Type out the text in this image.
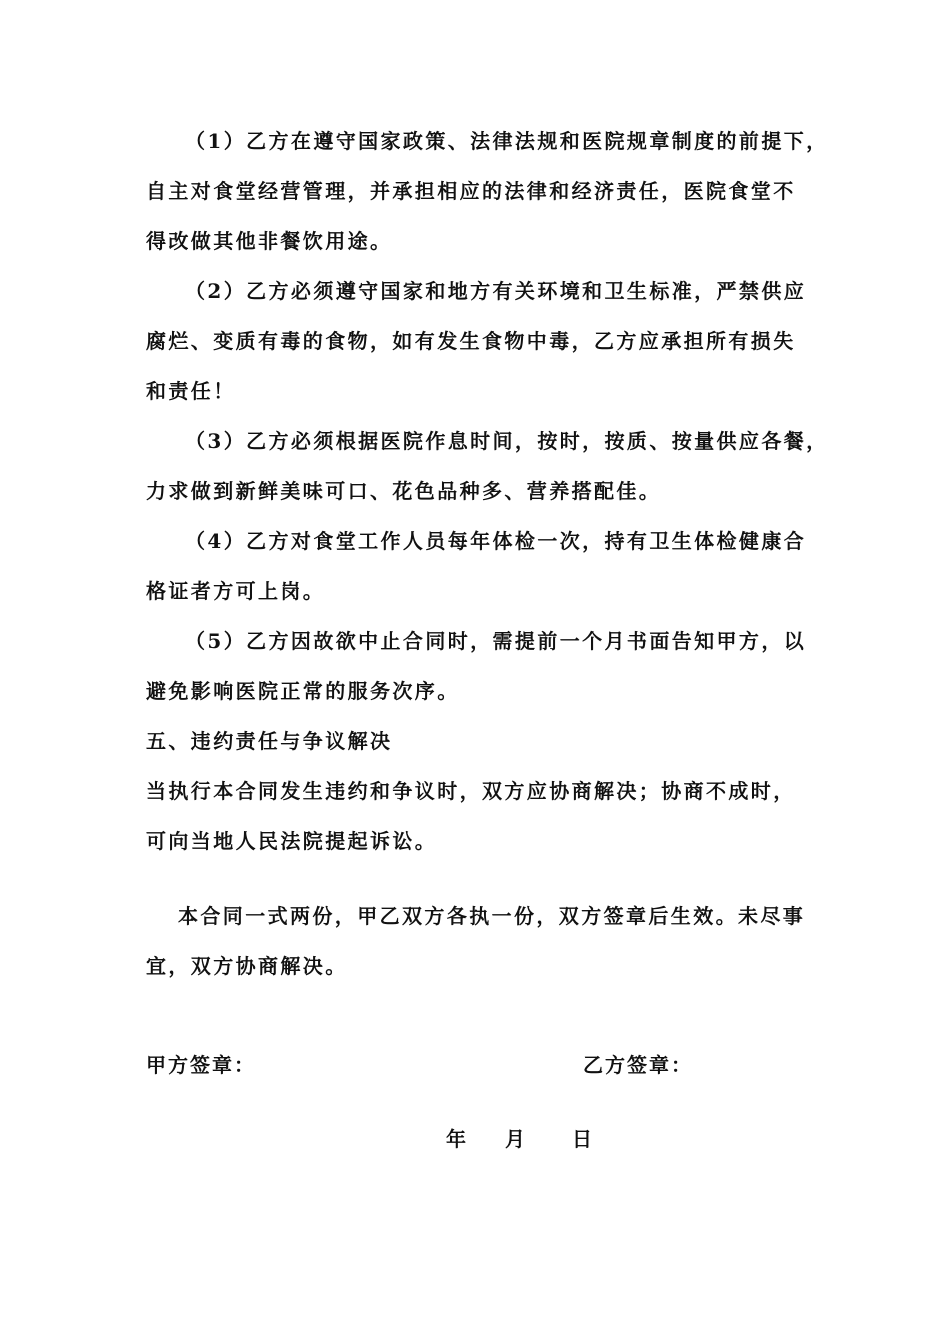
（1）乙方在遵守国家政策、法律法规和医院规章制度的前提下，
自主对食堂经营管理，并承担相应的法律和经济责任，医院食堂不
得改做其他非餐饮用途。
（2）乙方必须遵守国家和地方有关环境和卫生标准，严禁供应
腐烂、变质有毒的食物，如有发生食物中毒，乙方应承担所有损失
和责任！
（3）乙方必须根据医院作息时间，按时，按质、按量供应各餐，
力求做到新鲜美味可口、花色品种多、营养搭配佳。
（4）乙方对食堂工作人员每年体检一次，持有卫生体检健康合
格证者方可上岗。
（5）乙方因故欲中止合同时，需提前一个月书面告知甲方，以
避免影响医院正常的服务次序。
五、违约责任与争议解决
当执行本合同发生违约和争议时，双方应协商解决；协商不成时，
可向当地人民法院提起诉讼。
本合同一式两份，甲乙双方各执一份，双方签章后生效。未尽事
宜，双方协商解决。
甲方签章：	乙方签章：
年 月 日
